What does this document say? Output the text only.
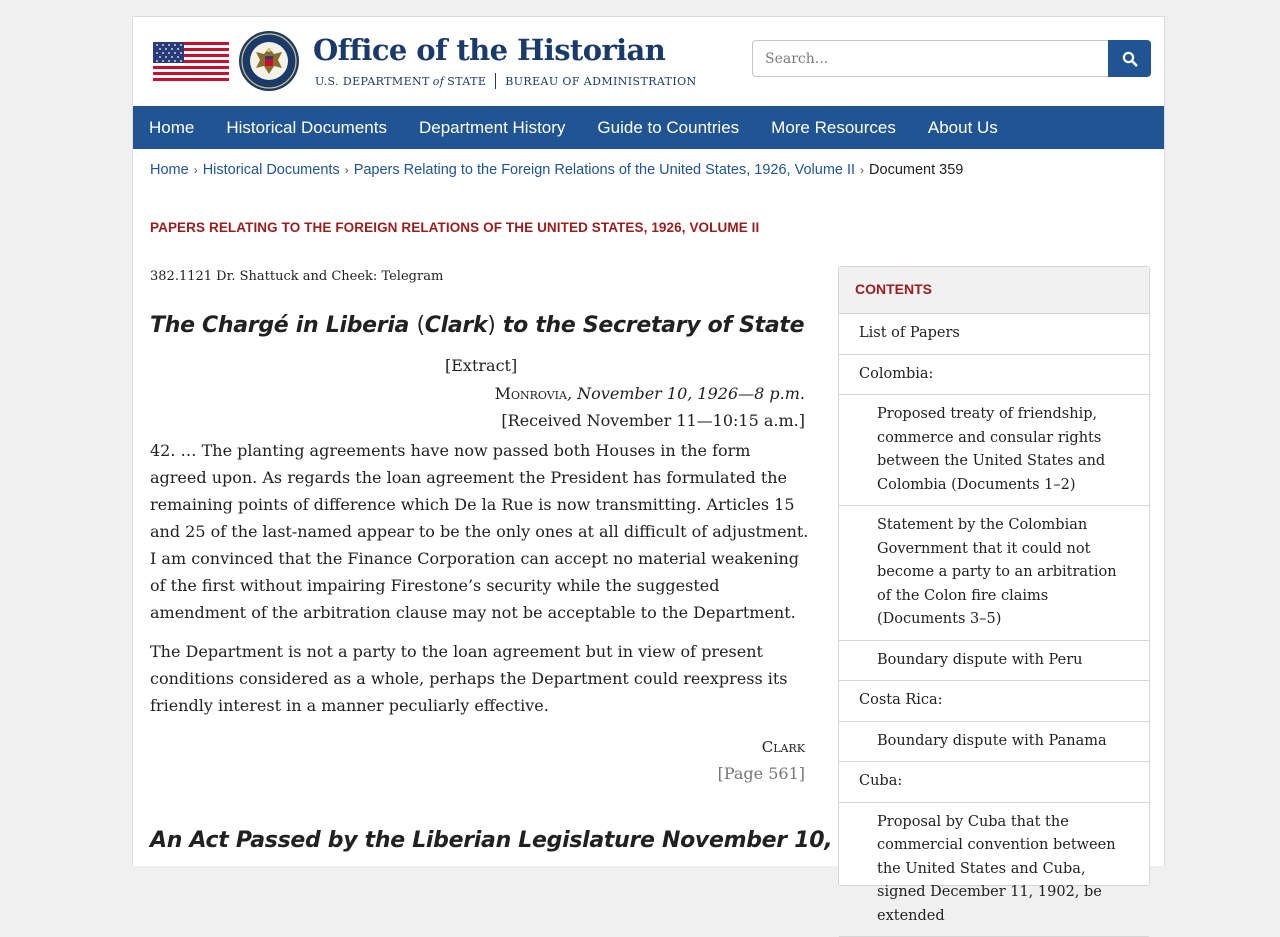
Office of the Historian
U.S. DEPARTMENT of STATE BUREAU OF ADMINISTRATION
Search...
Home Historical Documents Department History Guide to Countries More Resources About Us
Home › Historical Documents › Papers Relating to the Foreign Relations of the United States, 1926, Volume II › Document 359
PAPERS RELATING TO THE FOREIGN RELATIONS OF THE UNITED STATES, 1926, VOLUME II
382.1121 Dr. Shattuck and Cheek: Telegram
The Chargé in Liberia (Clark) to the Secretary of State
[Extract]
Monrovia, November 10, 1926—8 p.m.
[Received November 11—10:15 a.m.]

42. … The planting agreements have now passed both Houses in the form agreed upon. As regards the loan agreement the President has formulated the remaining points of difference which De la Rue is now transmitting. Articles 15 and 25 of the last-named appear to be the only ones at all difficult of adjustment. I am convinced that the Finance Corporation can accept no material weakening of the first without impairing Firestone’s security while the suggested amendment of the arbitration clause may not be acceptable to the Department.

The Department is not a party to the loan agreement but in view of present conditions considered as a whole, perhaps the Department could reexpress its friendly interest in a manner peculiarly effective.

Clark
[Page 561]
An Act Passed by the Liberian Legislature November 10,
CONTENTS
List of Papers
Colombia:
Proposed treaty of friendship, commerce and consular rights between the United States and Colombia (Documents 1–2)
Statement by the Colombian Government that it could not become a party to an arbitration of the Colon fire claims (Documents 3–5)
Boundary dispute with Peru
Costa Rica:
Boundary dispute with Panama
Cuba:
Proposal by Cuba that the commercial convention between the United States and Cuba, signed December 11, 1902, be extended
